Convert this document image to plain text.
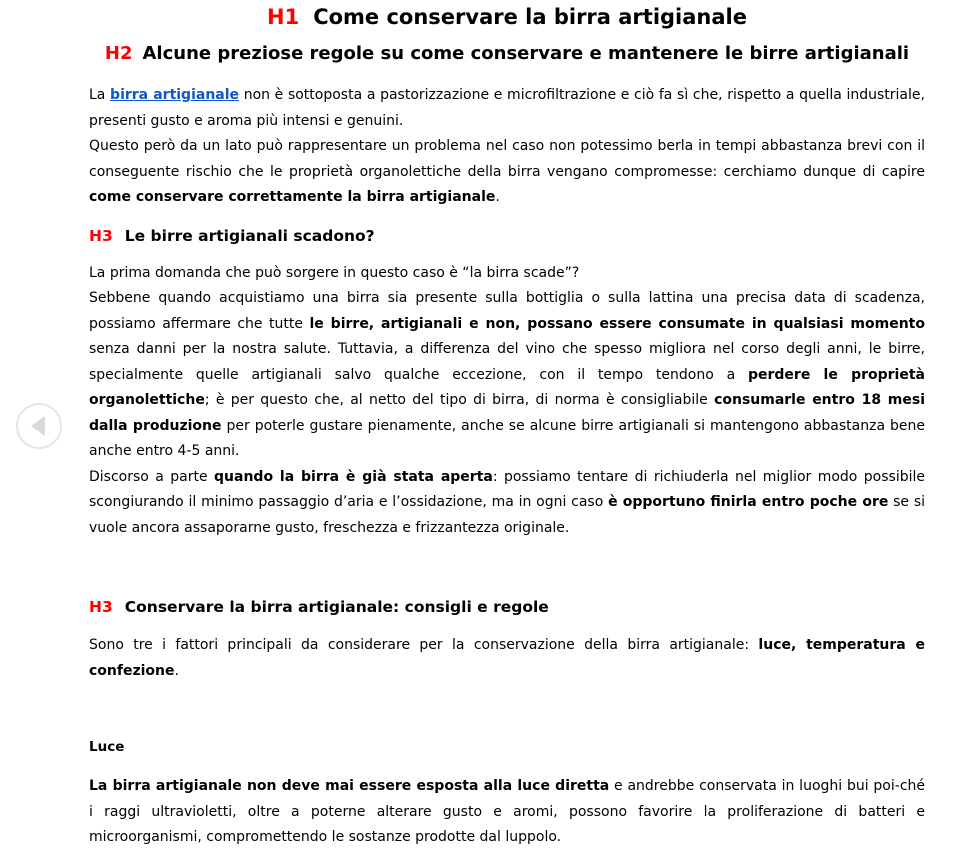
H1 Come conservare la birra artigianale
H2 Alcune preziose regole su come conservare e mantenere le birre artigianali

La birra artigianale non è sottoposta a pastorizzazione e microfiltrazione e ciò fa sì che, rispetto a quella industriale, presenti gusto e aroma più intensi e genuini.

Questo però da un lato può rappresentare un problema nel caso non potessimo berla in tempi abbastanza brevi con il conseguente rischio che le proprietà organolettiche della birra vengano compromesse: cerchiamo dunque di capire come conservare correttamente la birra artigianale.

H3 Le birre artigianali scadono?

La prima domanda che può sorgere in questo caso è “la birra scade”?

Sebbene quando acquistiamo una birra sia presente sulla bottiglia o sulla lattina una precisa data di scadenza, possiamo affermare che tutte le birre, artigianali e non, possano essere consumate in qualsiasi momento senza danni per la nostra salute. Tuttavia, a differenza del vino che spesso migliora nel corso degli anni, le birre, specialmente quelle artigianali salvo qualche eccezione, con il tempo tendono a perdere le proprietà organolettiche; è per questo che, al netto del tipo di birra, di norma è consigliabile consumarle entro 18 mesi dalla produzione per poterle gustare pienamente, anche se alcune birre artigianali si mantengono abbastanza bene anche entro 4-5 anni.

Discorso a parte quando la birra è già stata aperta: possiamo tentare di richiuderla nel miglior modo possibile scongiurando il minimo passaggio d’aria e l’ossidazione, ma in ogni caso è opportuno finirla entro poche ore se si vuole ancora assaporarne gusto, freschezza e frizzantezza originale.

H3 Conservare la birra artigianale: consigli e regole

Sono tre i fattori principali da considerare per la conservazione della birra artigianale: luce, temperatura e confezione.

Luce

La birra artigianale non deve mai essere esposta alla luce diretta e andrebbe conservata in luoghi bui poi-ché i raggi ultravioletti, oltre a poterne alterare gusto e aromi, possono favorire la proliferazione di batteri e microorganismi, compromettendo le sostanze prodotte dal luppolo.
